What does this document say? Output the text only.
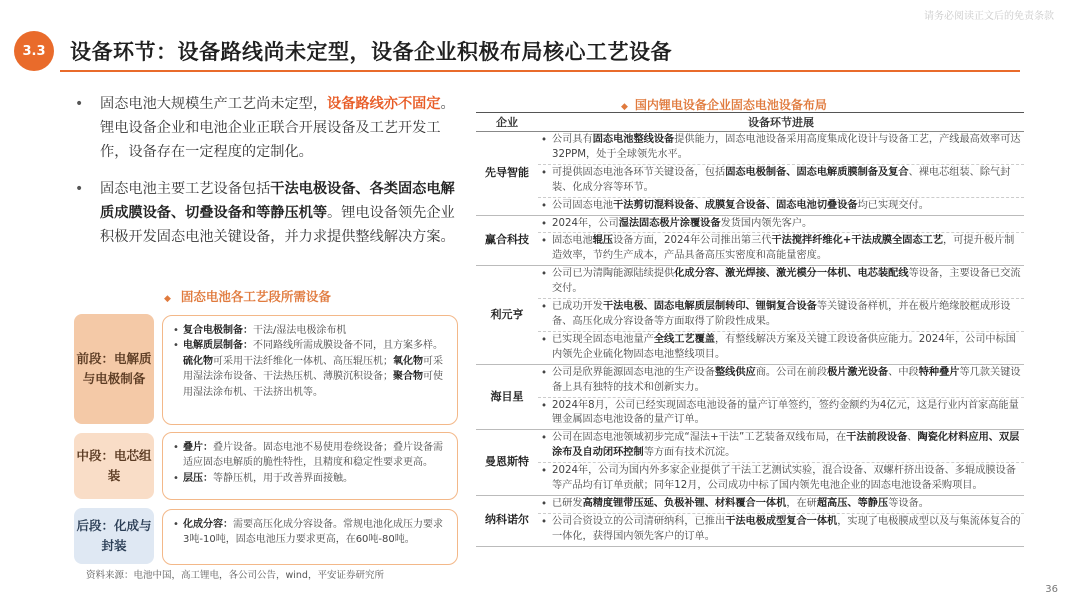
请务必阅读正文后的免责条款
3.3	设备环节：设备路线尚未定型，设备企业积极布局核心工艺设备
• 固态电池大规模生产工艺尚未定型，设备路线亦不固定。锂电设备企业和电池企业正联合开展设备及工艺开发工作，设备存在一定程度的定制化。
• 固态电池主要工艺设备包括干法电极设备、各类固态电解质成膜设备、切叠设备和等静压机等。锂电设备领先企业积极开发固态电池关键设备，并力求提供整线解决方案。
◆ 固态电池各工艺段所需设备
前段：电解质与电极制备
中段：电芯组装
后段：化成与封装
• 复合电极制备：干法/湿法电极涂布机
• 电解质层制备：不同路线所需成膜设备不同，且方案多样。硫化物可采用干法纤维化一体机、高压辊压机；氧化物可采用湿法涂布设备、干法热压机、薄膜沉积设备；聚合物可使用湿法涂布机、干法挤出机等。
• 叠片：叠片设备。固态电池不易使用卷绕设备；叠片设备需适应固态电解质的脆性特性，且精度和稳定性要求更高。
• 层压：等静压机，用于改善界面接触。
• 化成分容：需要高压化成分容设备。常规电池化成压力要求3吨-10吨，固态电池压力要求更高，在60吨-80吨。
资料来源：电池中国，高工锂电，各公司公告，wind，平安证券研究所
◆ 国内锂电设备企业固态电池设备布局
企业	设备环节进展
先导智能	• 公司具有固态电池整线设备提供能力，固态电池设备采用高度集成化设计与设备工艺，产线最高效率可达32PPM，处于全球领先水平。

	• 可提供固态电池各环节关键设备，包括固态电极制备、固态电解质膜制备及复合、裸电芯组装、除气封装、化成分容等环节。

	• 公司固态电池干法剪切混料设备、成膜复合设备、固态电池切叠设备均已实现交付。
赢合科技	• 2024年，公司湿法固态极片涂覆设备发货国内领先客户。

	• 固态电池辊压设备方面，2024年公司推出第三代干法搅拌纤维化+干法成膜全固态工艺，可提升极片制造效率，节约生产成本，产品具备高压实密度和高能量密度。
利元亨	• 公司已为清陶能源陆续提供化成分容、激光焊接、激光模分一体机、电芯装配线等设备，主要设备已交流交付。

	• 已成功开发干法电极、固态电解质层制转印、锂铜复合设备等关键设备样机，并在极片绝缘胶框成形设备、高压化成分容设备等方面取得了阶段性成果。

	• 已实现全固态电池量产全线工艺覆盖，有整线解决方案及关键工段设备供应能力。2024年，公司中标国内领先企业硫化物固态电池整线项目。
海目星	• 公司是欣界能源固态电池的生产设备整线供应商。公司在前段极片激光设备、中段特种叠片等几款关键设备上具有独特的技术和创新实力。

	• 2024年8月，公司已经实现固态电池设备的量产订单签约，签约金额约为4亿元，这是行业内首家高能量锂金属固态电池设备的量产订单。
曼恩斯特	• 公司在固态电池领域初步完成“湿法+干法”工艺装备双线布局，在干法前段设备、陶瓷化材料应用、双层涂布及自动闭环控制等方面有技术沉淀。

	• 2024年，公司为国内外多家企业提供了干法工艺测试实验，混合设备、双螺杆挤出设备、多辊成膜设备等产品均有订单贡献；同年12月，公司成功中标了国内领先电池企业的固态电池设备采购项目。
纳科诺尔	• 已研发高精度锂带压延、负极补锂、材料覆合一体机，在研超高压、等静压等设备。

	• 公司合资设立的公司清研纳科，已推出干法电极成型复合一体机，实现了电极膜成型以及与集流体复合的一体化，获得国内领先客户的订单。
36
